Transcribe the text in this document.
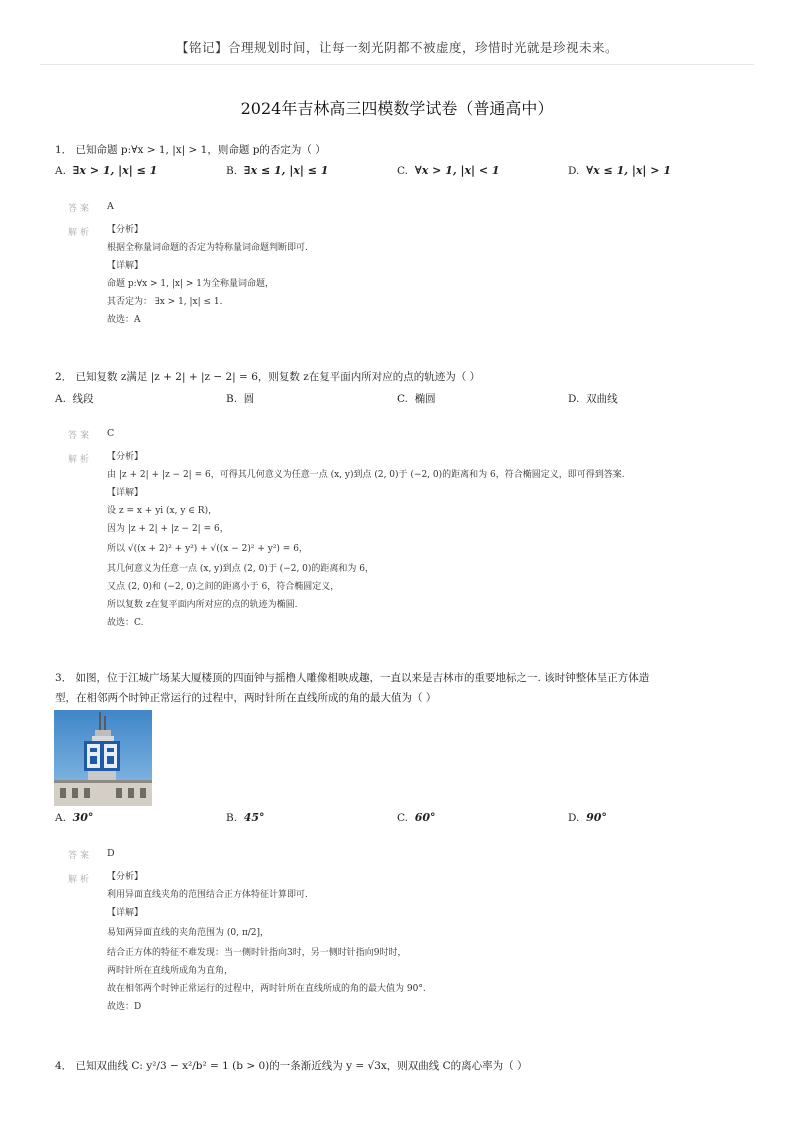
【铭记】合理规划时间，让每一刻光阴都不被虚度，珍惜时光就是珍视未来。
2024年吉林高三四模数学试卷（普通高中）
1． 已知命题 p:∀x > 1, |x| > 1，则命题 p的否定为（ ）
A. ∃x > 1, |x| ≤ 1	B. ∃x ≤ 1, |x| ≤ 1	C. ∀x > 1, |x| < 1	D. ∀x ≤ 1, |x| > 1
答案 A
解析 【分析】
根据全称量词命题的否定为特称量词命题判断即可.
【详解】
命题 p:∀x > 1, |x| > 1为全称量词命题，
其否定为： ∃x > 1, |x| ≤ 1.
故选：A
2． 已知复数 z满足 |z + 2| + |z − 2| = 6，则复数 z在复平面内所对应的点的轨迹为（ ）
A. 线段	B. 圆	C. 椭圆	D. 双曲线
答案 C
解析 【分析】
由 |z + 2| + |z − 2| = 6，可得其几何意义为任意一点 (x, y)到点 (2, 0)于 (−2, 0)的距离和为 6，符合椭圆定义，即可得到答案.
【详解】
设 z = x + yi (x, y ∈ R)，
因为 |z + 2| + |z − 2| = 6，
所以 √((x + 2)² + y²) + √((x − 2)² + y²) = 6，
其几何意义为任意一点 (x, y)到点 (2, 0)于 (−2, 0)的距离和为 6，
又点 (2, 0)和 (−2, 0)之间的距离小于 6，符合椭圆定义，
所以复数 z在复平面内所对应的点的轨迹为椭圆.
故选：C.
3． 如图，位于江城广场某大厦楼顶的四面钟与摇橹人雕像相映成趣，一直以来是吉林市的重要地标之一. 该时钟整体呈正方体造
型，在相邻两个时钟正常运行的过程中，两时针所在直线所成的角的最大值为（ ）
A. 30°	B. 45°	C. 60°	D. 90°
答案 D
解析 【分析】
利用异面直线夹角的范围结合正方体特征计算即可.
【详解】
易知两异面直线的夹角范围为 (0, π/2]，
结合正方体的特征不难发现：当一侧时针指向3时，另一侧时针指向9时时，
两时针所在直线所成角为直角，
故在相邻两个时钟正常运行的过程中，两时针所在直线所成的角的最大值为 90°.
故选：D
4． 已知双曲线 C: y²/3 − x²/b² = 1 (b > 0)的一条渐近线为 y = √3x，则双曲线 C的离心率为（ ）
